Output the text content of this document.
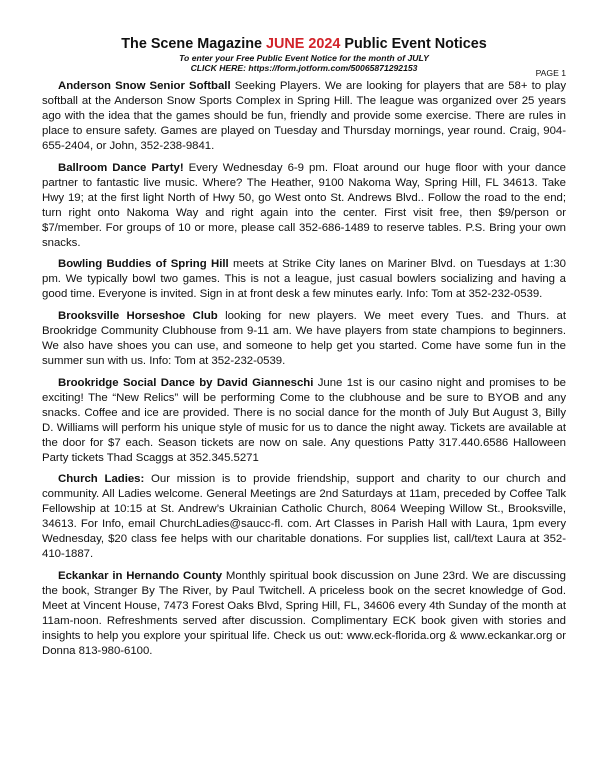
The Scene Magazine JUNE 2024 Public Event Notices
To enter your Free Public Event Notice for the month of JULY
CLICK HERE: https://form.jotform.com/50065871292153	PAGE 1

Anderson Snow Senior Softball Seeking Players. We are looking for players that are 58+ to play softball at the Anderson Snow Sports Complex in Spring Hill. The league was organized over 25 years ago with the idea that the games should be fun, friendly and provide some exercise. There are rules in place to ensure safety. Games are played on Tuesday and Thursday mornings, year round. Craig, 904-655-2404, or John, 352-238-9841.

Ballroom Dance Party! Every Wednesday 6-9 pm. Float around our huge floor with your dance partner to fantastic live music. Where? The Heather, 9100 Nakoma Way, Spring Hill, FL 34613. Take Hwy 19; at the first light North of Hwy 50, go West onto St. Andrews Blvd.. Follow the road to the end; turn right onto Nakoma Way and right again into the center. First visit free, then $9/person or $7/member. For groups of 10 or more, please call 352-686-1489 to reserve tables. P.S. Bring your own snacks.

Bowling Buddies of Spring Hill meets at Strike City lanes on Mariner Blvd. on Tuesdays at 1:30 pm. We typically bowl two games. This is not a league, just casual bowlers socializing and having a good time. Everyone is invited. Sign in at front desk a few minutes early. Info: Tom at 352-232-0539.

Brooksville Horseshoe Club looking for new players. We meet every Tues. and Thurs. at Brookridge Community Clubhouse from 9-11 am. We have players from state champions to beginners. We also have shoes you can use, and someone to help get you started. Come have some fun in the summer sun with us. Info: Tom at 352-232-0539.

Brookridge Social Dance by David Gianneschi June 1st is our casino night and promises to be exciting! The “New Relics” will be performing Come to the clubhouse and be sure to BYOB and any snacks. Coffee and ice are provided. There is no social dance for the month of July But August 3, Billy D. Williams will perform his unique style of music for us to dance the night away. Tickets are available at the door for $7 each. Season tickets are now on sale. Any questions Patty 317.440.6586 Halloween Party tickets Thad Scaggs at 352.345.5271

Church Ladies: Our mission is to provide friendship, support and charity to our church and community. All Ladies welcome. General Meetings are 2nd Saturdays at 11am, preceded by Coffee Talk Fellowship at 10:15 at St. Andrew’s Ukrainian Catholic Church, 8064 Weeping Willow St., Brooksville, 34613. For Info, email ChurchLadies@saucc-fl. com. Art Classes in Parish Hall with Laura, 1pm every Wednesday, $20 class fee helps with our charitable donations. For supplies list, call/text Laura at 352-410-1887.

Eckankar in Hernando County Monthly spiritual book discussion on June 23rd. We are discussing the book, Stranger By The River, by Paul Twitchell. A priceless book on the secret knowledge of God. Meet at Vincent House, 7473 Forest Oaks Blvd, Spring Hill, FL, 34606 every 4th Sunday of the month at 11am-noon. Refreshments served after discussion. Complimentary ECK book given with stories and insights to help you explore your spiritual life. Check us out: www.eck-florida.org & www.eckankar.org or Donna 813-980-6100.
